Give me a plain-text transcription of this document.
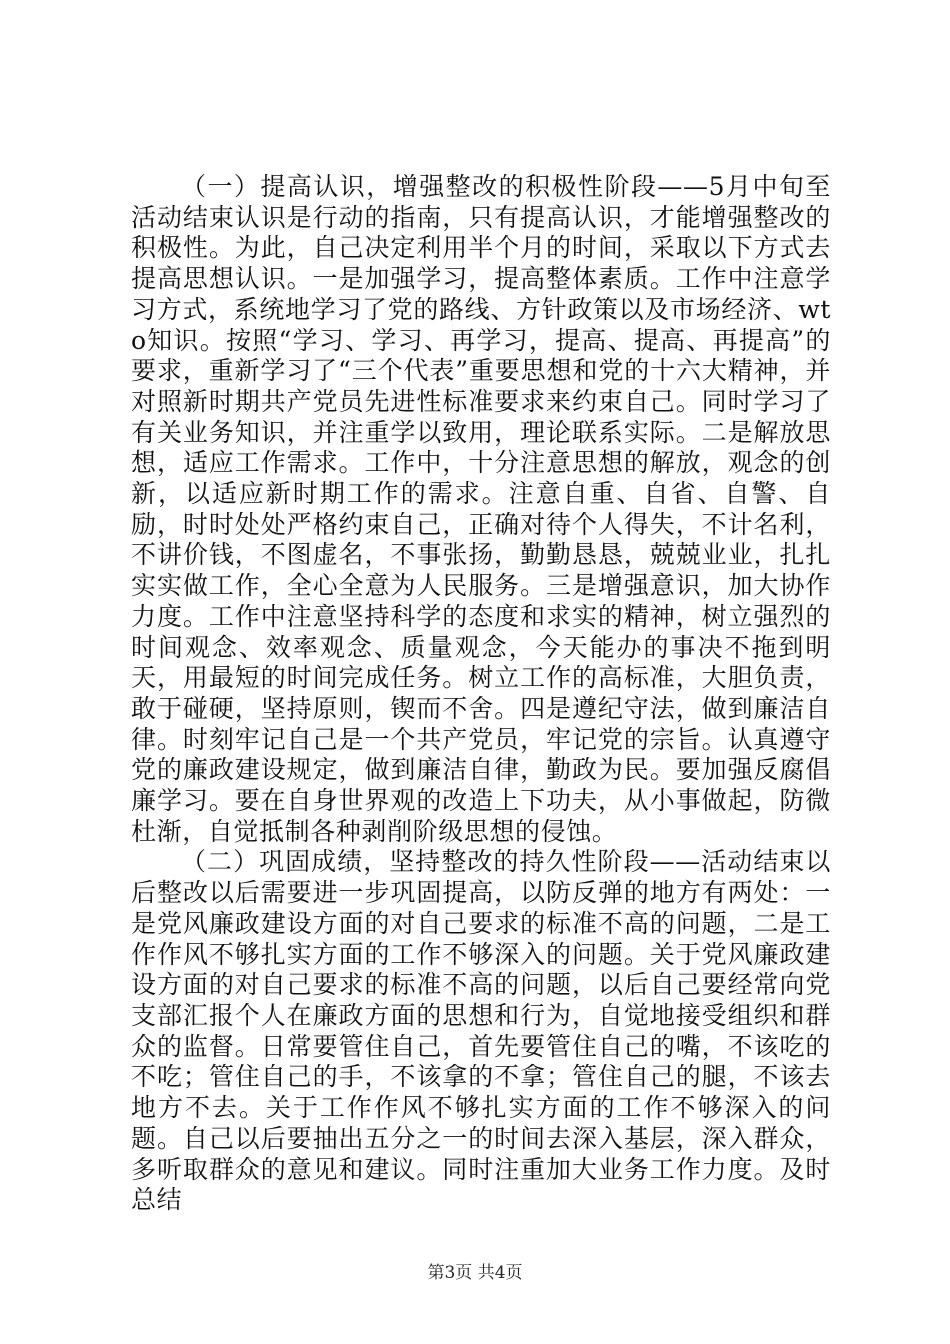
（一）提高认识，增强整改的积极性阶段——5月中旬至活动结束认识是行动的指南，只有提高认识，才能增强整改的积极性。为此，自己决定利用半个月的时间，采取以下方式去提高思想认识。一是加强学习，提高整体素质。工作中注意学习方式，系统地学习了党的路线、方针政策以及市场经济、wto知识。按照“学习、学习、再学习，提高、提高、再提高”的要求，重新学习了“三个代表”重要思想和党的十六大精神，并对照新时期共产党员先进性标准要求来约束自己。同时学习了有关业务知识，并注重学以致用，理论联系实际。二是解放思想，适应工作需求。工作中，十分注意思想的解放，观念的创新，以适应新时期工作的需求。注意自重、自省、自警、自励，时时处处严格约束自己，正确对待个人得失，不计名利，不讲价钱，不图虚名，不事张扬，勤勤恳恳，兢兢业业，扎扎实实做工作，全心全意为人民服务。三是增强意识，加大协作力度。工作中注意坚持科学的态度和求实的精神，树立强烈的时间观念、效率观念、质量观念，今天能办的事决不拖到明天，用最短的时间完成任务。树立工作的高标准，大胆负责，敢于碰硬，坚持原则，锲而不舍。四是遵纪守法，做到廉洁自律。时刻牢记自己是一个共产党员，牢记党的宗旨。认真遵守党的廉政建设规定，做到廉洁自律，勤政为民。要加强反腐倡廉学习。要在自身世界观的改造上下功夫，从小事做起，防微杜渐，自觉抵制各种剥削阶级思想的侵蚀。

（二）巩固成绩，坚持整改的持久性阶段——活动结束以后整改以后需要进一步巩固提高，以防反弹的地方有两处：一是党风廉政建设方面的对自己要求的标准不高的问题，二是工作作风不够扎实方面的工作不够深入的问题。关于党风廉政建设方面的对自己要求的标准不高的问题，以后自己要经常向党支部汇报个人在廉政方面的思想和行为，自觉地接受组织和群众的监督。日常要管住自己，首先要管住自己的嘴，不该吃的不吃；管住自己的手，不该拿的不拿；管住自己的腿，不该去地方不去。关于工作作风不够扎实方面的工作不够深入的问题。自己以后要抽出五分之一的时间去深入基层，深入群众，多听取群众的意见和建议。同时注重加大业务工作力度。及时总结

第3页 共4页
